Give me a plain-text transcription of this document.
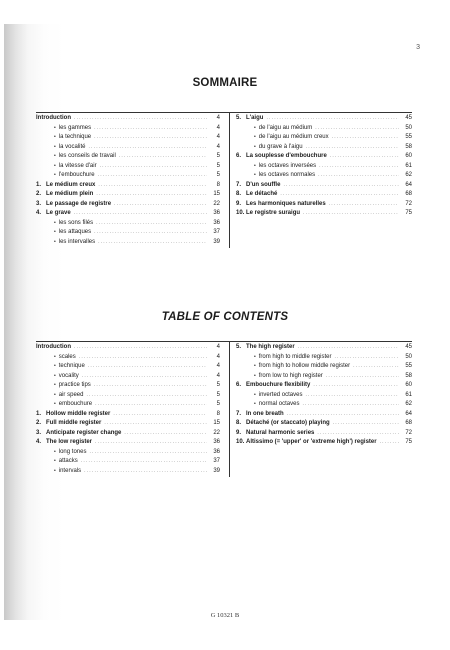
3
SOMMAIRE
Introduction .....	4
• les gammes .....	4
• la technique .....	4
• la vocalité .....	4
• les conseils de travail .....	5
• la vitesse d'air .....	5
• l'embouchure .....	5
1. Le médium creux .....	8
2. Le médium plein .....	15
3. Le passage de registre .....	22
4. Le grave .....	36
• les sons filés .....	36
• les attaques .....	37
• les intervalles .....	39
5. L'aigu .....	45
• de l'aigu au médium .....	50
• de l'aigu au médium creux .....	55
• du grave à l'aigu .....	58
6. La souplesse d'embouchure .....	60
• les octaves inversées .....	61
• les octaves normales .....	62
7. D'un souffle .....	64
8. Le détaché .....	68
9. Les harmoniques naturelles .....	72
10. Le registre suraigu .....	75
TABLE OF CONTENTS
Introduction .....	4
• scales .....	4
• technique .....	4
• vocality .....	4
• practice tips .....	5
• air speed .....	5
• embouchure .....	5
1. Hollow middle register .....	8
2. Full middle register .....	15
3. Anticipate register change .....	22
4. The low register .....	36
• long tones .....	36
• attacks .....	37
• intervals .....	39
5. The high register .....	45
• from high to middle register .....	50
• from high to hollow middle register .....	55
• from low to high register .....	58
6. Embouchure flexibility .....	60
• inverted octaves .....	61
• normal octaves .....	62
7. In one breath .....	64
8. Détaché (or staccato) playing .....	68
9. Natural harmonic series .....	72
10. Altissimo (= 'upper' or 'extreme high') register .....	75
G 10321 B
